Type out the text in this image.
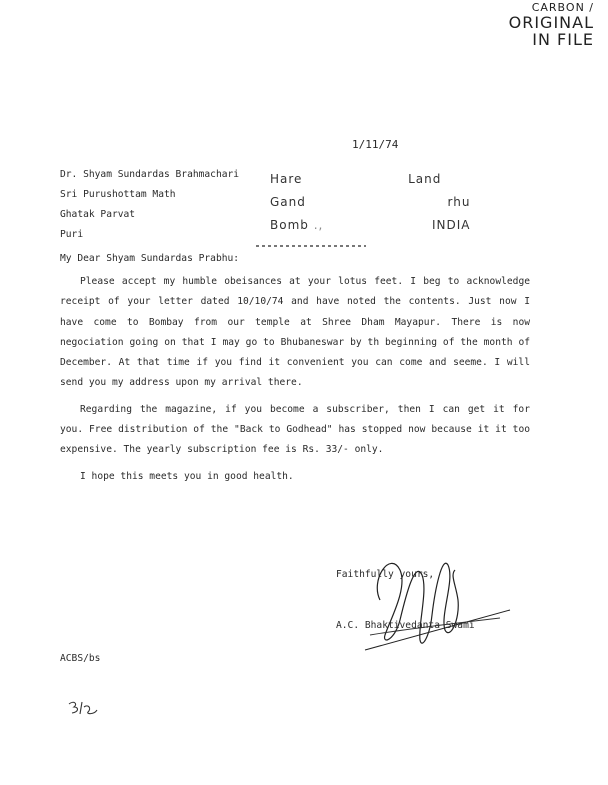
CARBON /
ORIGINAL
IN FILE
1/11/74
Dr. Shyam Sundardas Brahmachari
Sri Purushottam Math
Ghatak Parvat
Puri
Hare	Land
Gand	rhu
Bomb .,	INDIA
My Dear Shyam Sundardas Prabhu:

Please accept my humble obeisances at your lotus feet. I beg to acknowledge receipt of your letter dated 10/10/74 and have noted the contents. Just now I have come to Bombay from our temple at Shree Dham Mayapur. There is now negociation going on that I may go to Bhubaneswar by th beginning of the month of December. At that time if you find it convenient you can come and seeme. I will send you my address upon my arrival there.

Regarding the magazine, if you become a subscriber, then I can get it for you. Free distribution of the "Back to Godhead" has stopped now because it it too expensive. The yearly subscription fee is Rs. 33/- only.

I hope this meets you in good health.

Faithfully yours,
A.C. Bhaktivedanta Swami
ACBS/bs
